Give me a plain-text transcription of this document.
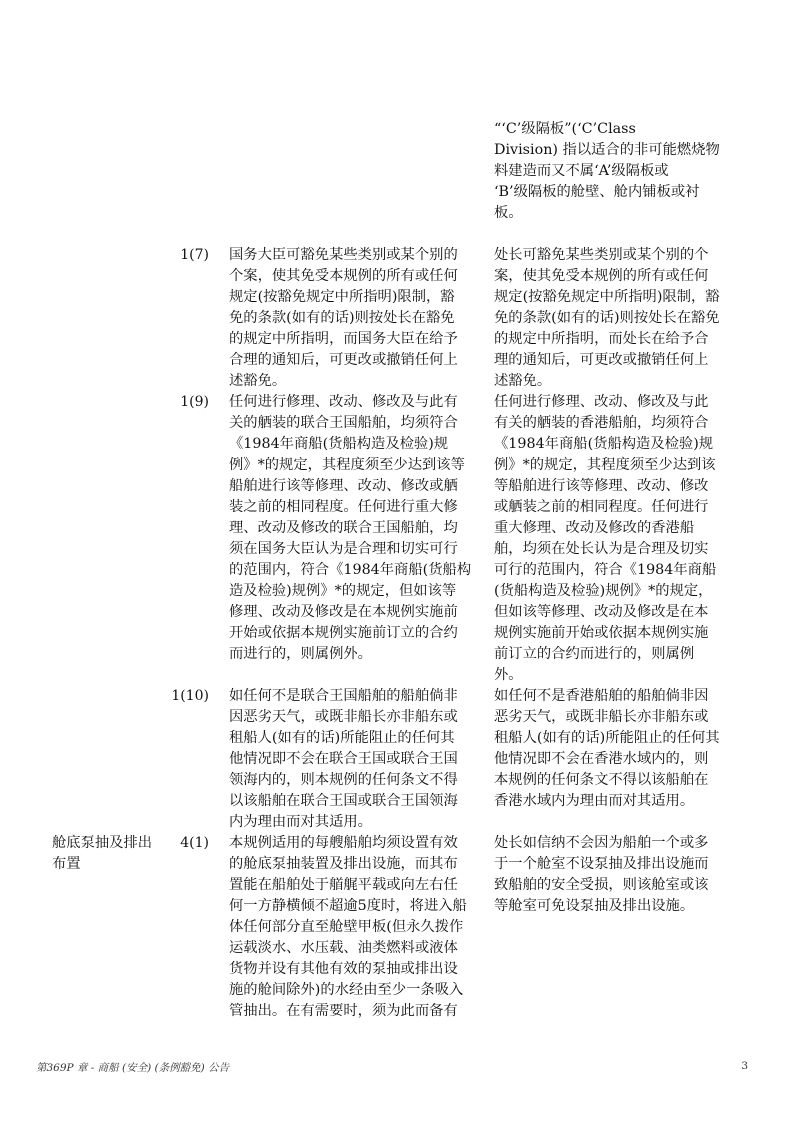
“‘C’级隔板”(‘C’Class
Division) 指以适合的非可能燃烧物
料建造而又不属‘A’级隔板或
‘B’级隔板的舱壁、舱内铺板或衬
板。
1(7) 国务大臣可豁免某些类别或某个别的
个案，使其免受本规例的所有或任何
规定(按豁免规定中所指明)限制，豁
免的条款(如有的话)则按处长在豁免
的规定中所指明，而国务大臣在给予
合理的通知后，可更改或撤销任何上
述豁免。
处长可豁免某些类别或某个别的个
案，使其免受本规例的所有或任何
规定(按豁免规定中所指明)限制，豁
免的条款(如有的话)则按处长在豁免
的规定中所指明，而处长在给予合
理的通知后，可更改或撤销任何上
述豁免。
1(9) 任何进行修理、改动、修改及与此有
关的舾装的联合王国船舶，均须符合
《1984年商船(货船构造及检验)规
例》*的规定，其程度须至少达到该等
船舶进行该等修理、改动、修改或舾
装之前的相同程度。任何进行重大修
理、改动及修改的联合王国船舶，均
须在国务大臣认为是合理和切实可行
的范围内，符合《1984年商船(货船构
造及检验)规例》*的规定，但如该等
修理、改动及修改是在本规例实施前
开始或依据本规例实施前订立的合约
而进行的，则属例外。
任何进行修理、改动、修改及与此
有关的舾装的香港船舶，均须符合
《1984年商船(货船构造及检验)规
例》*的规定，其程度须至少达到该
等船舶进行该等修理、改动、修改
或舾装之前的相同程度。任何进行
重大修理、改动及修改的香港船
舶，均须在处长认为是合理及切实
可行的范围内，符合《1984年商船
(货船构造及检验)规例》*的规定，
但如该等修理、改动及修改是在本
规例实施前开始或依据本规例实施
前订立的合约而进行的，则属例
外。
1(10) 如任何不是联合王国船舶的船舶倘非
因恶劣天气，或既非船长亦非船东或
租船人(如有的话)所能阻止的任何其
他情况即不会在联合王国或联合王国
领海内的，则本规例的任何条文不得
以该船舶在联合王国或联合王国领海
内为理由而对其适用。
如任何不是香港船舶的船舶倘非因
恶劣天气，或既非船长亦非船东或
租船人(如有的话)所能阻止的任何其
他情况即不会在香港水域内的，则
本规例的任何条文不得以该船舶在
香港水域内为理由而对其适用。
舱底泵抽及排出
布置
4(1) 本规例适用的每艘船舶均须设置有效
的舱底泵抽装置及排出设施，而其布
置能在船舶处于艏艉平载或向左右任
何一方静横倾不超逾5度时，将进入船
体任何部分直至舱壁甲板(但永久拨作
运载淡水、水压载、油类燃料或液体
货物并设有其他有效的泵抽或排出设
施的舱间除外)的水经由至少一条吸入
管抽出。在有需要时，须为此而备有
处长如信纳不会因为船舶一个或多
于一个舱室不设泵抽及排出设施而
致船舶的安全受损，则该舱室或该
等舱室可免设泵抽及排出设施。
第369P 章 - 商船 (安全) (条例豁免) 公告	3
